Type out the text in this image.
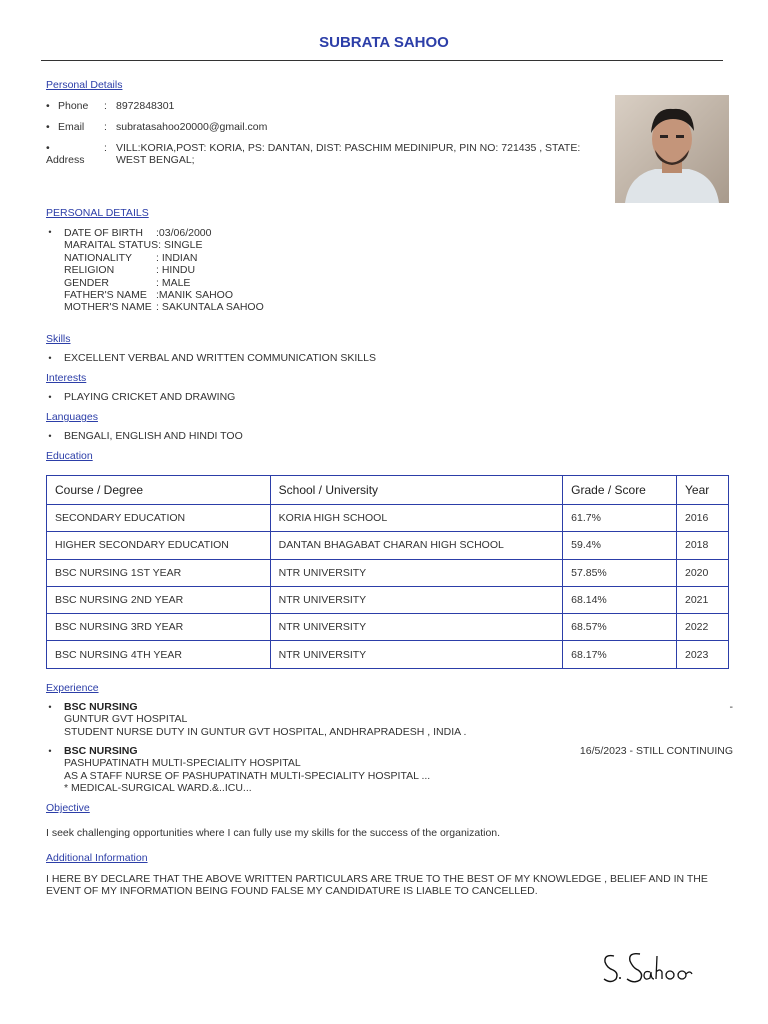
SUBRATA SAHOO
Personal Details
• Phone	: 8972848301
• Email	: subratasahoo20000@gmail.com
•
Address
: VILL:KORIA,POST: KORIA, PS: DANTAN, DIST: PASCHIM MEDINIPUR, PIN NO: 721435 , STATE: WEST BENGAL;
PERSONAL DETAILS
• DATE OF BIRTH	:03/06/2000
MARAITAL STATUS:
SINGLE
NATIONALITY	: INDIAN
RELIGION	: HINDU
GENDER	: MALE
FATHER'S NAME :MANIK SAHOO
MOTHER'S NAME : SAKUNTALA SAHOO
Skills
• EXCELLENT VERBAL AND WRITTEN COMMUNICATION SKILLS
Interests
• PLAYING CRICKET AND DRAWING
Languages
• BENGALI, ENGLISH AND HINDI TOO
Education
Course / Degree	School / University	Grade / Score	Year
SECONDARY EDUCATION	KORIA HIGH SCHOOL	61.7%	2016
HIGHER SECONDARY EDUCATION	DANTAN BHAGABAT CHARAN HIGH SCHOOL	59.4%	2018
BSC NURSING 1ST YEAR	NTR UNIVERSITY	57.85%	2020
BSC NURSING 2ND YEAR	NTR UNIVERSITY	68.14%	2021
BSC NURSING 3RD YEAR	NTR UNIVERSITY	68.57%	2022
BSC NURSING 4TH YEAR	NTR UNIVERSITY	68.17%	2023
Experience
• BSC NURSING
GUNTUR GVT HOSPITAL
STUDENT NURSE DUTY IN GUNTUR GVT HOSPITAL, ANDHRAPRADESH , INDIA .
-
• BSC NURSING
PASHUPATINATH MULTI-SPECIALITY HOSPITAL
AS A STAFF NURSE OF PASHUPATINATH MULTI-SPECIALITY HOSPITAL ...
* MEDICAL-SURGICAL WARD.&..ICU...
16/5/2023 - STILL CONTINUING
Objective
I seek challenging opportunities where I can fully use my skills for the success of the organization.
Additional Information
I HERE BY DECLARE THAT THE ABOVE WRITTEN PARTICULARS ARE TRUE TO THE BEST OF MY KNOWLEDGE , BELIEF AND IN THE EVENT OF MY INFORMATION BEING FOUND FALSE MY CANDIDATURE IS LIABLE TO CANCELLED.
